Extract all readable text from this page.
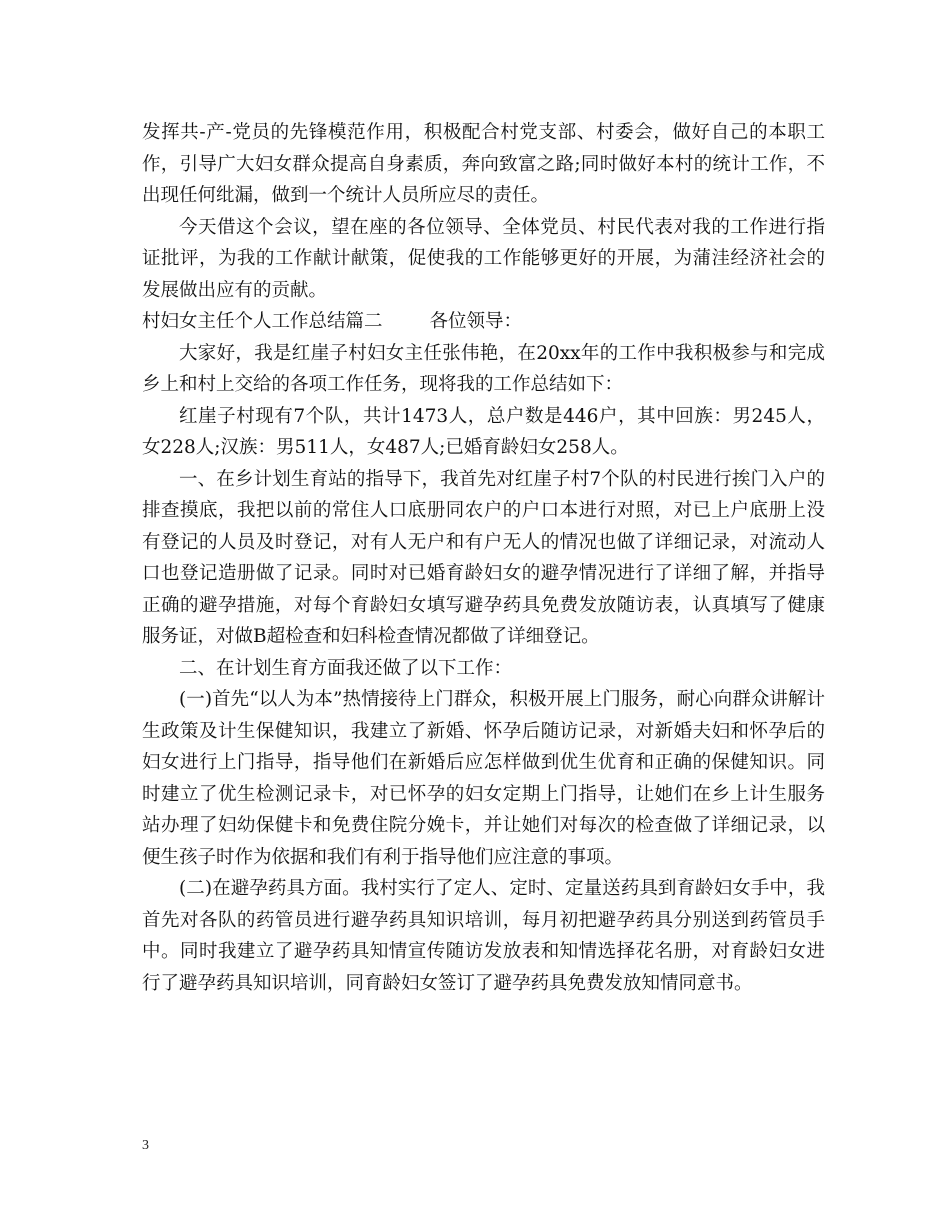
发挥共-产-党员的先锋模范作用，积极配合村党支部、村委会，做好自己的本职工作，引导广大妇女群众提高自身素质，奔向致富之路;同时做好本村的统计工作，不出现任何纰漏，做到一个统计人员所应尽的责任。

今天借这个会议，望在座的各位领导、全体党员、村民代表对我的工作进行指证批评，为我的工作献计献策，促使我的工作能够更好的开展，为蒲洼经济社会的发展做出应有的贡献。

村妇女主任个人工作总结篇二        各位领导：

大家好，我是红崖子村妇女主任张伟艳，在20xx年的工作中我积极参与和完成乡上和村上交给的各项工作任务，现将我的工作总结如下：

红崖子村现有7个队，共计1473人，总户数是446户，其中回族：男245人，女228人;汉族：男511人，女487人;已婚育龄妇女258人。

一、在乡计划生育站的指导下，我首先对红崖子村7个队的村民进行挨门入户的排查摸底，我把以前的常住人口底册同农户的户口本进行对照，对已上户底册上没有登记的人员及时登记，对有人无户和有户无人的情况也做了详细记录，对流动人口也登记造册做了记录。同时对已婚育龄妇女的避孕情况进行了详细了解，并指导正确的避孕措施，对每个育龄妇女填写避孕药具免费发放随访表，认真填写了健康服务证，对做B超检查和妇科检查情况都做了详细登记。

二、在计划生育方面我还做了以下工作：

(一)首先“以人为本”热情接待上门群众，积极开展上门服务，耐心向群众讲解计生政策及计生保健知识，我建立了新婚、怀孕后随访记录，对新婚夫妇和怀孕后的妇女进行上门指导，指导他们在新婚后应怎样做到优生优育和正确的保健知识。同时建立了优生检测记录卡，对已怀孕的妇女定期上门指导，让她们在乡上计生服务站办理了妇幼保健卡和免费住院分娩卡，并让她们对每次的检查做了详细记录，以便生孩子时作为依据和我们有利于指导他们应注意的事项。

(二)在避孕药具方面。我村实行了定人、定时、定量送药具到育龄妇女手中，我首先对各队的药管员进行避孕药具知识培训，每月初把避孕药具分别送到药管员手中。同时我建立了避孕药具知情宣传随访发放表和知情选择花名册，对育龄妇女进行了避孕药具知识培训，同育龄妇女签订了避孕药具免费发放知情同意书。

3
